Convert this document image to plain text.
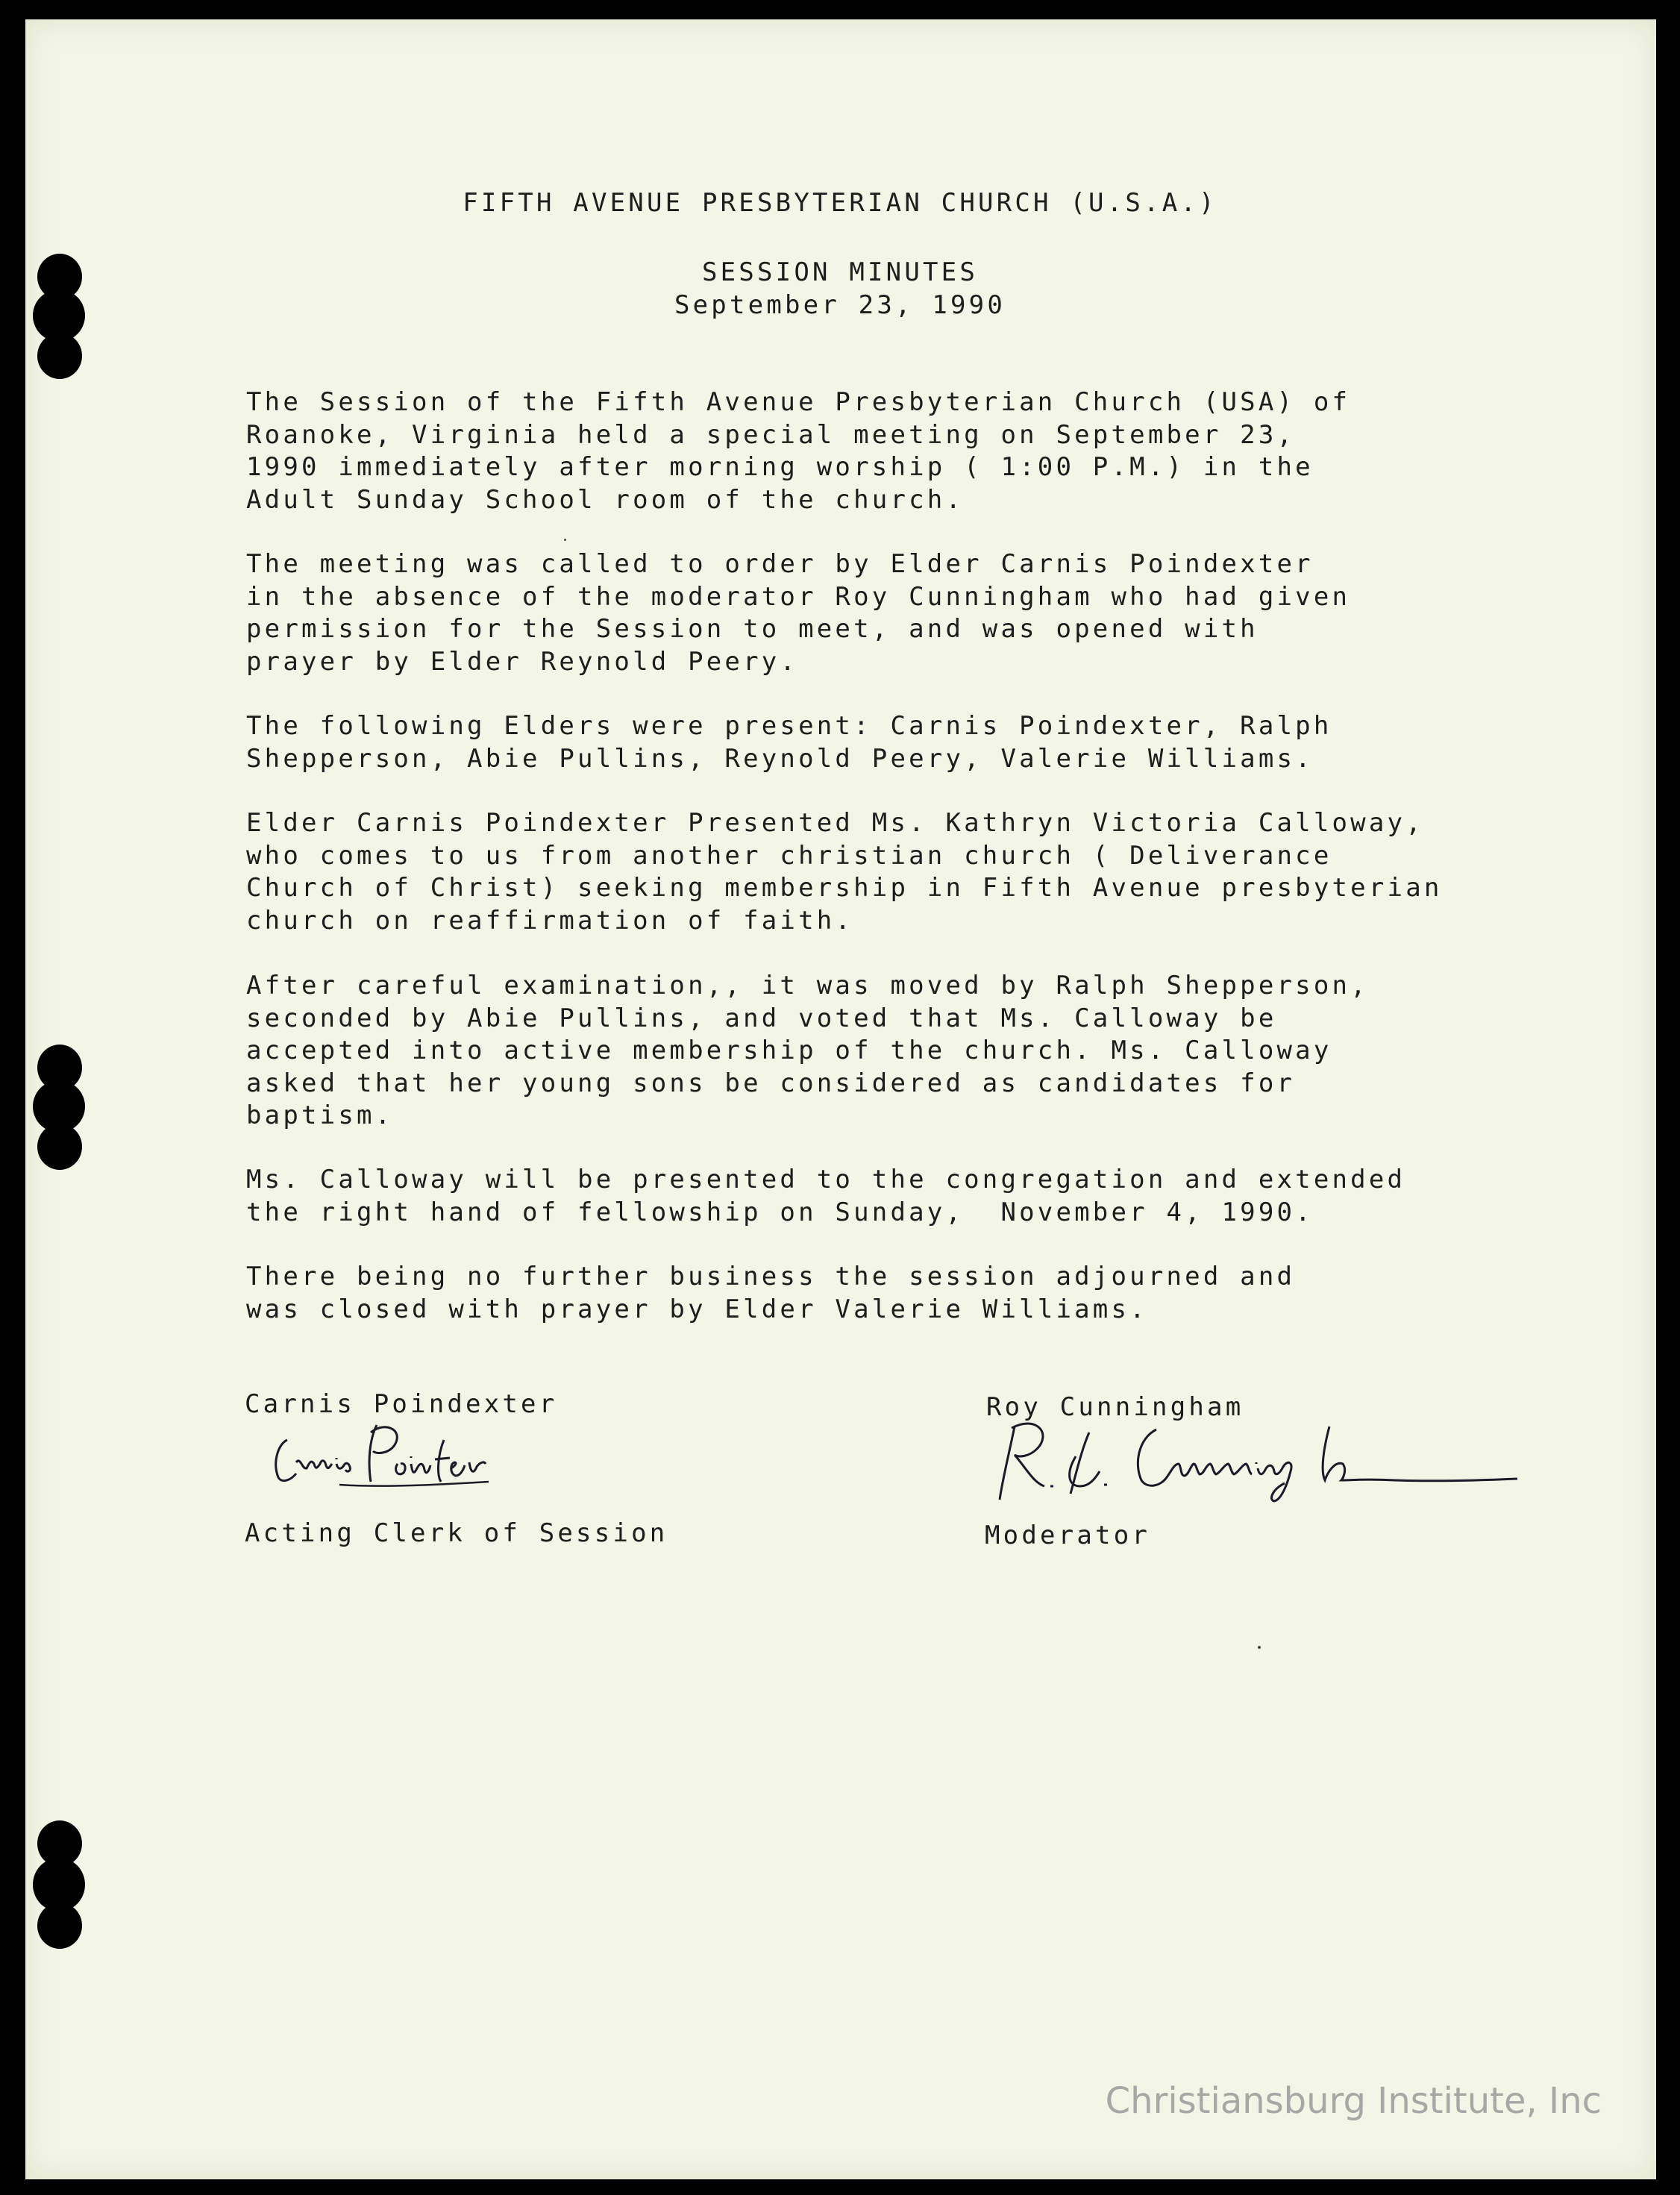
FIFTH AVENUE PRESBYTERIAN CHURCH (U.S.A.)
SESSION MINUTES
September 23, 1990
The Session of the Fifth Avenue Presbyterian Church (USA) of
Roanoke, Virginia held a special meeting on September 23,
1990 immediately after morning worship ( 1:00 P.M.) in the
Adult Sunday School room of the church.
The meeting was called to order by Elder Carnis Poindexter
in the absence of the moderator Roy Cunningham who had given
permission for the Session to meet, and was opened with
prayer by Elder Reynold Peery.
The following Elders were present: Carnis Poindexter, Ralph
Shepperson, Abie Pullins, Reynold Peery, Valerie Williams.
Elder Carnis Poindexter Presented Ms. Kathryn Victoria Calloway,
who comes to us from another christian church ( Deliverance
Church of Christ) seeking membership in Fifth Avenue presbyterian
church on reaffirmation of faith.
After careful examination,, it was moved by Ralph Shepperson,
seconded by Abie Pullins, and voted that Ms. Calloway be
accepted into active membership of the church. Ms. Calloway
asked that her young sons be considered as candidates for
baptism.
Ms. Calloway will be presented to the congregation and extended
the right hand of fellowship on Sunday,  November 4, 1990.
There being no further business the session adjourned and
was closed with prayer by Elder Valerie Williams.
Carnis Poindexter
Acting Clerk of Session
Roy Cunningham
Moderator
Christiansburg Institute, Inc
